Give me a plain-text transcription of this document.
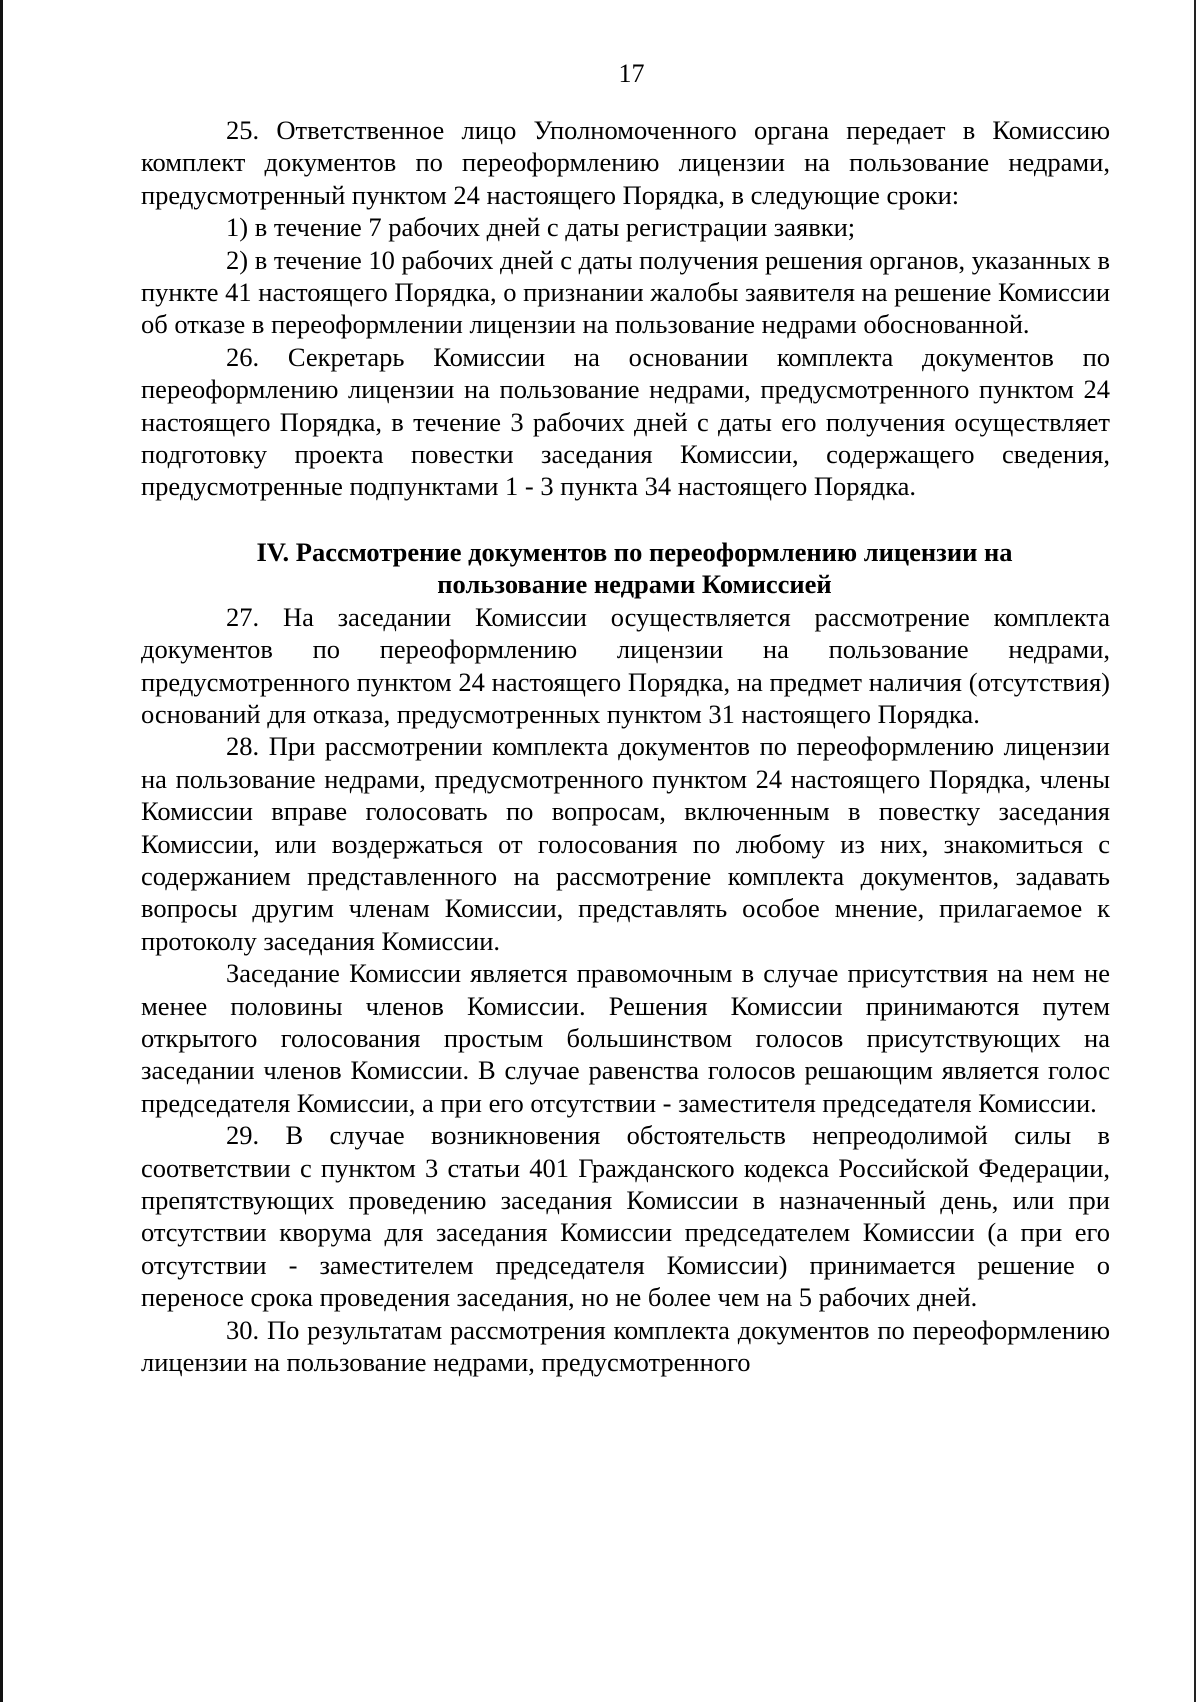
17

25. Ответственное лицо Уполномоченного органа передает в Комиссию комплект документов по переоформлению лицензии на пользование недрами, предусмотренный пунктом 24 настоящего Порядка, в следующие сроки:

1) в течение 7 рабочих дней с даты регистрации заявки;

2) в течение 10 рабочих дней с даты получения решения органов, указанных в пункте 41 настоящего Порядка, о признании жалобы заявителя на решение Комиссии об отказе в переоформлении лицензии на пользование недрами обоснованной.

26. Секретарь Комиссии на основании комплекта документов по переоформлению лицензии на пользование недрами, предусмотренного пунктом 24 настоящего Порядка, в течение 3 рабочих дней с даты его получения осуществляет подготовку проекта повестки заседания Комиссии, содержащего сведения, предусмотренные подпунктами 1 - 3 пункта 34 настоящего Порядка.

IV. Рассмотрение документов по переоформлению лицензии на
пользование недрами Комиссией

27. На заседании Комиссии осуществляется рассмотрение комплекта документов по переоформлению лицензии на пользование недрами, предусмотренного пунктом 24 настоящего Порядка, на предмет наличия (отсутствия) оснований для отказа, предусмотренных пунктом 31 настоящего Порядка.

28. При рассмотрении комплекта документов по переоформлению лицензии на пользование недрами, предусмотренного пунктом 24 настоящего Порядка, члены Комиссии вправе голосовать по вопросам, включенным в повестку заседания Комиссии, или воздержаться от голосования по любому из них, знакомиться с содержанием представленного на рассмотрение комплекта документов, задавать вопросы другим членам Комиссии, представлять особое мнение, прилагаемое к протоколу заседания Комиссии.

Заседание Комиссии является правомочным в случае присутствия на нем не менее половины членов Комиссии. Решения Комиссии принимаются путем открытого голосования простым большинством голосов присутствующих на заседании членов Комиссии. В случае равенства голосов решающим является голос председателя Комиссии, а при его отсутствии - заместителя председателя Комиссии.

29. В случае возникновения обстоятельств непреодолимой силы в соответствии с пунктом 3 статьи 401 Гражданского кодекса Российской Федерации, препятствующих проведению заседания Комиссии в назначенный день, или при отсутствии кворума для заседания Комиссии председателем Комиссии (а при его отсутствии - заместителем председателя Комиссии) принимается решение о переносе срока проведения заседания, но не более чем на 5 рабочих дней.

30. По результатам рассмотрения комплекта документов по переоформлению лицензии на пользование недрами, предусмотренного
